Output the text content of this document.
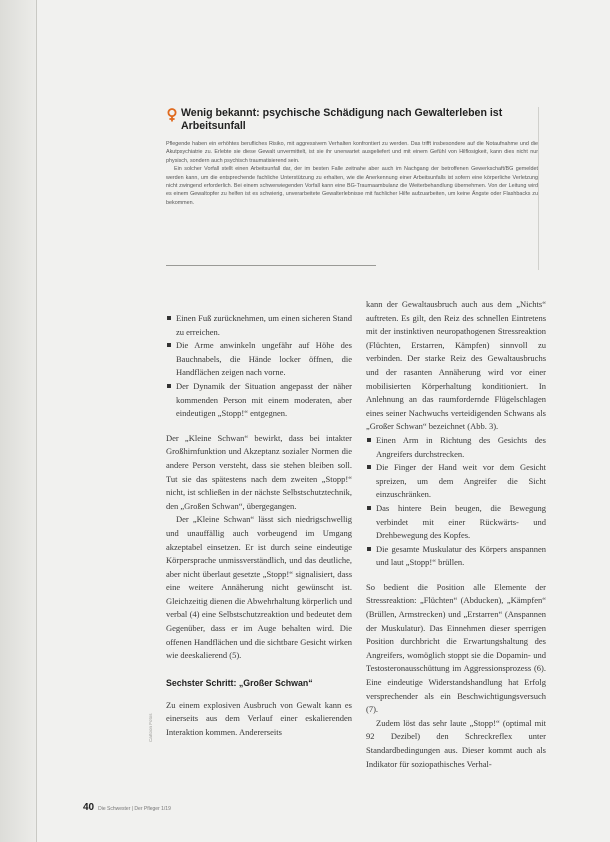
Wenig bekannt: psychische Schädigung nach Gewalterleben ist Arbeitsunfall

Pflegende haben ein erhöhtes berufliches Risiko, mit aggressivem Verhalten konfrontiert zu werden. Das trifft insbesondere auf die Notaufnahme und die Akutpsychiatrie zu. Erlebte sie diese Gewalt unvermittelt, ist sie ihr unerwartet ausgeliefert und mit einem Gefühl von Hilflosigkeit, kann dies nicht nur physisch, sondern auch psychisch traumatisierend sein.

Ein solcher Vorfall stellt einen Arbeitsunfall dar, der im besten Falle zeitnahe aber auch im Nachgang der betroffenen Gewerkschaft/BG gemeldet werden kann, um die entsprechende fachliche Unterstützung zu erhalten, wie die Anerkennung einer Arbeitsunfalls ist sofern eine körperliche Verletzung nicht zwingend erforderlich. Bei einem schwerwiegenden Vorfall kann eine BG-Traumaambulanz die Weiterbehandlung übernehmen. Von der Leitung wird es einem Gewaltopfer zu helfen ist es schwierig, unverarbeitete Gewalterlebnisse mit fachlicher Hilfe aufzuarbeiten, um keine Ängste oder Flashbacks zu bekommen.

Einen Fuß zurücknehmen, um einen sicheren Stand zu erreichen.
Die Arme anwinkeln ungefähr auf Höhe des Bauchnabels, die Hände locker öffnen, die Handflächen zeigen nach vorne.
Der Dynamik der Situation angepasst der näher kommenden Person mit einem moderaten, aber eindeutigen „Stopp!“ entgegnen.

Der „Kleine Schwan“ bewirkt, dass bei intakter Großhirnfunktion und Akzeptanz sozialer Normen die andere Person versteht, dass sie stehen bleiben soll. Tut sie das spätestens nach dem zweiten „Stopp!“ nicht, ist schließen in der nächste Selbstschutztechnik, den „Großen Schwan“, übergegangen.

Der „Kleine Schwan“ lässt sich niedrigschwellig und unauffällig auch vorbeugend im Umgang akzeptabel einsetzen. Er ist durch seine eindeutige Körpersprache unmissverständlich, und das deutliche, aber nicht überlaut gesetzte „Stopp!“ signalisiert, dass eine weitere Annäherung nicht gewünscht ist. Gleichzeitig dienen die Abwehrhaltung körperlich und verbal (4) eine Selbstschutzreaktion und bedeutet dem Gegenüber, dass er im Auge behalten wird. Die offenen Handflächen und die sichtbare Gesicht wirken wie deeskalierend (5).

Sechster Schritt: „Großer Schwan“

Zu einem explosiven Ausbruch von Gewalt kann es einerseits aus dem Verlauf einer eskalierenden Interaktion kommen. Andererseits

kann der Gewaltausbruch auch aus dem „Nichts“ auftreten. Es gilt, den Reiz des schnellen Eintretens mit der instinktiven neuropathogenen Stressreaktion (Flüchten, Erstarren, Kämpfen) sinnvoll zu verbinden. Der starke Reiz des Gewaltausbruchs und der rasanten Annäherung wird vor einer mobilisierten Körperhaltung konditioniert. In Anlehnung an das raumfordernde Flügelschlagen eines seiner Nachwuchs verteidigenden Schwans als „Großer Schwan“ bezeichnet (Abb. 3).

Einen Arm in Richtung des Gesichts des Angreifers durchstrecken.
Die Finger der Hand weit vor dem Gesicht spreizen, um dem Angreifer die Sicht einzuschränken.
Das hintere Bein beugen, die Bewegung verbindet mit einer Rückwärts- und Drehbewegung des Kopfes.
Die gesamte Muskulatur des Körpers anspannen und laut „Stopp!“ brüllen.

So bedient die Position alle Elemente der Stressreaktion: „Flüchten“ (Abducken), „Kämpfen“ (Brüllen, Armstrecken) und „Erstarren“ (Anspannen der Muskulatur). Das Einnehmen dieser sperrigen Position durchbricht die Erwartungshaltung des Angreifers, womöglich stoppt sie die Dopamin- und Testosteronausschüttung im Aggressionsprozess (6). Eine eindeutige Widerstandshandlung hat Erfolg versprechender als ein Beschwichtigungsversuch (7).

Zudem löst das sehr laute „Stopp!“ (optimal mit 92 Dezibel) den Schreckreflex unter Standardbedingungen aus. Dieser kommt auch als Indikator für soziopathisches Verhal-

Cartoon Fotos
40 Die Schwester | Der Pfleger 1/19
